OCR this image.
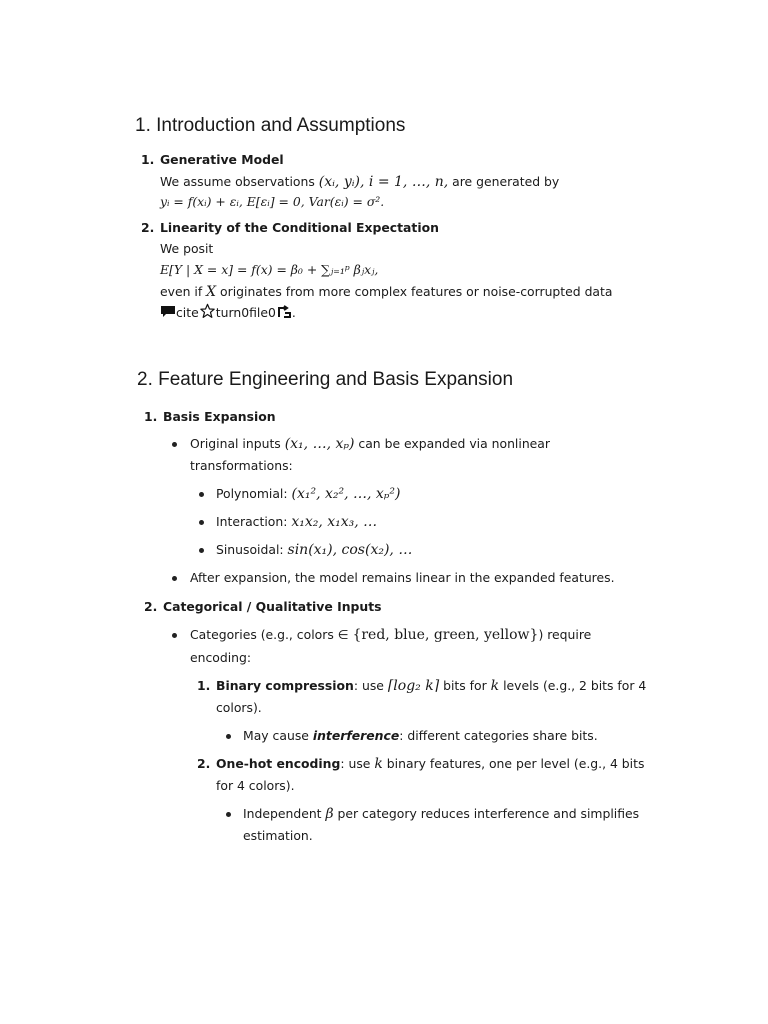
1. Introduction and Assumptions
1. Generative Model
We assume observations (xᵢ, yᵢ), i = 1, …, n, are generated by
yᵢ = f(xᵢ) + εᵢ, E[εᵢ] = 0, Var(εᵢ) = σ².
2. Linearity of the Conditional Expectation
We posit
E[Y | X = x] = f(x) = β₀ + ∑ⱼ₌₁ᵖ βⱼxⱼ,
even if X originates from more complex features or noise-corrupted data
cite turn0file0 .
2. Feature Engineering and Basis Expansion
1. Basis Expansion
Original inputs (x₁, …, xₚ) can be expanded via nonlinear
transformations:
Polynomial: (x₁², x₂², …, xₚ²)
Interaction: x₁x₂, x₁x₃, …
Sinusoidal: sin(x₁), cos(x₂), …
After expansion, the model remains linear in the expanded features.
2. Categorical / Qualitative Inputs
Categories (e.g., colors ∈ {red, blue, green, yellow}) require
encoding:
1. Binary compression: use ⌈log₂ k⌉ bits for k levels (e.g., 2 bits for 4
colors).
May cause interference: different categories share bits.
2. One-hot encoding: use k binary features, one per level (e.g., 4 bits
for 4 colors).
Independent β per category reduces interference and simplifies
estimation.
